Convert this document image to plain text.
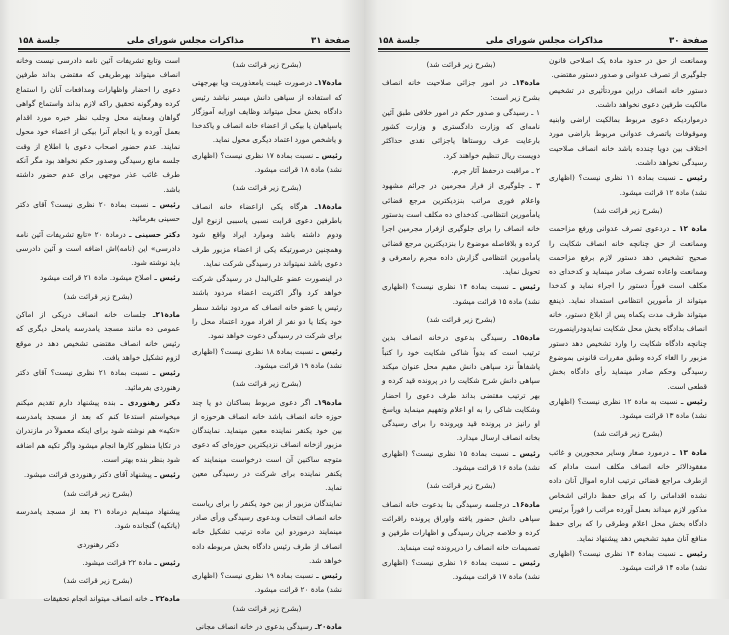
صفحة ۳۱
مذاکرات مجلس شورای ملی
جلسة ۱۵۸

(بشرح زیر قرائت شد)

مادة۱۷ـ درصورت غیبت یامعذوریت ویا بهرجهتی که استفاده از سیاهی دانش میسر نباشد رئیس دادگاه بخش محل میتواند وظایف اورابه آموزگار یاسپاهیان یا بیکی از اعضاء خانه انصاف و یاکدخدا و یاشخص مورد اعتماد دیگری محول نماید.

رئیس ـ نسبت بمادة ۱۷ نظری نیست؟ (اظهاری نشد) مادة ۱۸ قرائت میشود.

(بشرح زیر قرائت شد)

مادة۱۸ـ هرگاه یکی ازاعضاء خانه انصاف باطرفین دعوی قرابت نسبی یاسببی ازنوع اول ودوم داشته باشد وموارد ایراد واقع شود وهمچنین درصورتیکه یکی از اعضاء مزبور طرف دعوی باشد نمیتواند در رسیدگی شرکت نماید.

در اینصورت عضو علی‌البدل در رسیدگی شرکت خواهد کرد واگر اکثریت اعضاء مردود باشند رئیس یا عضو خانه انصاف که مردود نباشد سطر خود یکتا یا دو نفر از افراد مورد اعتماد محل را برای شرکت در رسیدگی دعوت خواهد نمود.

رئیس ـ نسبت بمادة ۱۸ نظری نیست؟ (اظهاری نشد) مادة ۱۹ قرائت میشود.

(بشرح زیر قرائت شد)

مادة۱۹ـ اگر دعوی مربوط بساکنان دو یا چند حوزه خانه انصاف باشد خانه انصاف هرحوزه از بین خود یکنفر نماینده معین مینماید. نمایندگان مزبور ازخانه انصاف نزدیکترین حوزه‌ای که دعوی متوجه ساکنین آن است درخواست مینمایند که یکنفر نماینده برای شرکت در رسیدگی معین نماید.

نمایندگان مزبور از بین خود یکنفر را برای ریاست خانه انصاف انتخاب وبدعوی رسیدگی ورأی صادر مینمایند درموردو این ماده ترتیب تشکیل خانه انصاف از طرف رئیس دادگاه بخش مربوطه داده خواهد شد.

رئیس ـ نسبت بمادة ۱۹ نظری نیست؟ (اظهاری نشد) مادة ۲۰ قرائت میشود.

(بشرح زیر قرائت شد)

مادة۲۰ـ رسیدگی بدعوی در خانه انصاف مجانی

است وتابع تشریفات آئین نامه دادرسی نیست وخانه انصاف میتواند بهرطریقی که مقتضی بداند طرفین دعوی را احضار واظهارات ومدافعات آنان را استماع کرده وهرگونه تحقیق راکه لازم بداند واستماع گواهی گواهان ومعاینه محل وجلب نظر خبره مورد اقدام بعمل آورده و یا انجام آنرا بیکی از اعضاء خود محول نمایند. عدم حضور اصحاب دعوی با اطلاع از وقت جلسه مانع رسیدگی وصدور حکم نخواهد بود مگر آنکه طرف غائب عذر موجهی برای عدم حضور داشته باشد.

رئیس ـ نسبت بمادة ۲۰ نظری نیست؟ آقای دکتر حسینی بفرمائید.

دکتر حسینی ـ درمادة ۲۰ «تابع تشریفات آئین نامه دادرسی» این (نامه)اش اضافه است و آئین دادرسی باید نوشته شود.

رئیس ـ اصلاح میشود. مادة ۲۱ قرائت میشود

(بشرح زیر قرائت شد)

مادة۲۱ـ جلسات خانه انصاف دریکی از اماکن عمومی ده مانند مسجد یامدرسه یامحل دیگری که رئیس خانه انصاف مقتضی تشخیص دهد در موقع لزوم تشکیل خواهد یافت.

رئیس ـ نسبت بمادة ۲۱ نظری نیست؟ آقای دکتر رهنوردی بفرمائید.

دکتر رهنوردی ـ بنده پیشنهاد دارم تقدیم میکنم میخواستم استدعا کنم که بعد از مسجد یامدرسه «تکیه» هم نوشته شود برای اینکه معمولاً در مازندران در تکایا منظور کارها انجام میشود واگر تکیه هم اضافه شود بنظر بنده بهتر است.

رئیس ـ پیشنهاد آقای دکتر رهنوردی قرائت میشود.

(بشرح زیر قرائت شد)

پیشنهاد مینمایم درمادة ۲۱ بعد از مسجد یامدرسه (یاتکیه) گنجانده شود.

دکتر رهنوردی

رئیس ـ مادة ۲۲ قرائت میشود.

(بشرح زیر قرائت شد)

مادة۲۲ ـ خانه انصاف میتواند انجام تحقیقات

صفحة ۳۰
مذاکرات مجلس شورای ملی
جلسة ۱۵۸

وممانعت از حق در حدود مادة یک اصلاحی قانون جلوگیری از تصرف عدوانی و صدور دستور مقتضی.

دستور خانه انصاف دراین موردتأثیری در تشخیص مالکیت طرفین دعوی نخواهد داشت.

درمواردیکه دعوی مربوط بمالکیت اراضی وابنیه وموقوفات یاتصرف عدوانی مربوط باراضی مورد اختلاف بین دویا چندده باشد خانه انصاف صلاحیت رسیدگی نخواهد داشت.

رئیس ـ نسبت بمادة ۱۱ نظری نیست؟ (اظهاری نشد) مادة ۱۲ قرائت میشود.

(بشرح زیر قرائت شد)

مادة ۱۲ ـ دردعوی تصرف عدوانی ورفع مزاحمت وممانعت از حق چنانچه خانه انصاف شکایت را صحیح تشخیص دهد دستور لازم برفع مزاحمت وممانعت واعاده تصرف صادر مینماید و کدخدای ده مکلف است فوراً دستور را اجراء نماید و کدخدا میتواند از مأمورین انتظامی استمداد نماید. ذینفع میتواند ظرف مدت یکماه پس از ابلاغ دستور، خانه انصاف بدادگاه بخش محل شکایت نمایدودراینصورت چنانچه دادگاه شکایت را وارد تشخیص دهد دستور مزبور را الغاء کرده وطبق مقررات قانونی بموضوع رسیدگی وحکم صادر مینماید رأی دادگاه بخش قطعی است.

رئیس ـ نسبت به مادة ۱۲ نظری نیست؟ (اظهاری نشد) مادة ۱۳ قرائت میشود.

(بشرح زیر قرائت شد)

مادة ۱۳ ـ درمورد صغار وسایر محجورین و غائب مفقودالاثر خانه انصاف مکلف است مادام که ازطرف مراجع قضائی ترتیب اداره اموال آنان داده نشده اقداماتی را که برای حفظ دارائی اشخاص مذکور لازم میداند بعمل آورده مراتب را فوراً برئیس دادگاه بخش محل اعلام وطرقی را که برای حفظ منافع آنان مفید تشخیص دهد پیشنهاد نماید.

رئیس ـ نسبت بمادة ۱۳ نظری نیست؟ (اظهاری نشد) ماده ۱۴ قرائت میشود.

(بشرح زیر قرائت شد)

مادة۱۴ـ در امور جزائی صلاحیت خانه انصاف بشرح زیر است:

۱ ـ رسیدگی و صدور حکم در امور خلافی طبق آئین نامه‌ای که وزارت دادگستری و وزارت کشور بارعایت عرف روستاها یاجزائی نقدی حداکثر دویست ریال تنظیم خواهند کرد.

۲ ـ مراقبت درحفظ آثار جرم.

۳ ـ جلوگیری از فرار مجرمین در جرائم مشهود واعلام فوری مراتب بنزدیکترین مرجع قضائی یامأمورین انتظامی. کدخدای ده مکلف است بدستور خانه انصاف را برای جلوگیری ازفرار مجرمین اجرا کرده و بلافاصله موضوع را بنزدیکترین مرجع قضائی یامأمورین انتظامی گزارش داده مجرم رامعرفی و تحویل نماید.

رئیس ـ نسبت بمادة ۱۴ نظری نیست؟ (اظهاری نشد) مادة ۱۵ قرائت میشود.

(بشرح زیر قرائت شد)

مادة۱۵ـ رسیدگی بدعوی درخانه انصاف بدین ترتیب است که بدواً شاکی شکایت خود را کتباً یاشفاهاً نزد سپاهی دانش مقیم محل عنوان میکند سپاهی دانش شرح شکایت را در پرونده قید کرده و بهر ترتیب مقتضی بداند طرف دعوی را احضار وشکایت شاکی را به او اعلام وتفهیم مینماید وپاسخ او رانیز در پرونده قید وپرونده را برای رسیدگی بخانه انصاف ارسال میدارد.

رئیس ـ نسبت بمادة ۱۵ نظری نیست؟ (اظهاری نشد) مادة ۱۶ قرائت میشود.

(بشرح زیر قرائت شد)

مادة۱۶ـ درجلسه رسیدگی بنا بدعوت خانه انصاف سپاهی دانش حضور یافته واوراق پرونده راقرائت کرده و خلاصه جریان رسیدگی و اظهارات طرفین و تصمیمات خانه انصاف را درپرونده ثبت مینماید.

رئیس ـ نسبت بمادة ۱۶ نظری نیست؟ (اظهاری نشد) مادة ۱۷ قرائت میشود.
